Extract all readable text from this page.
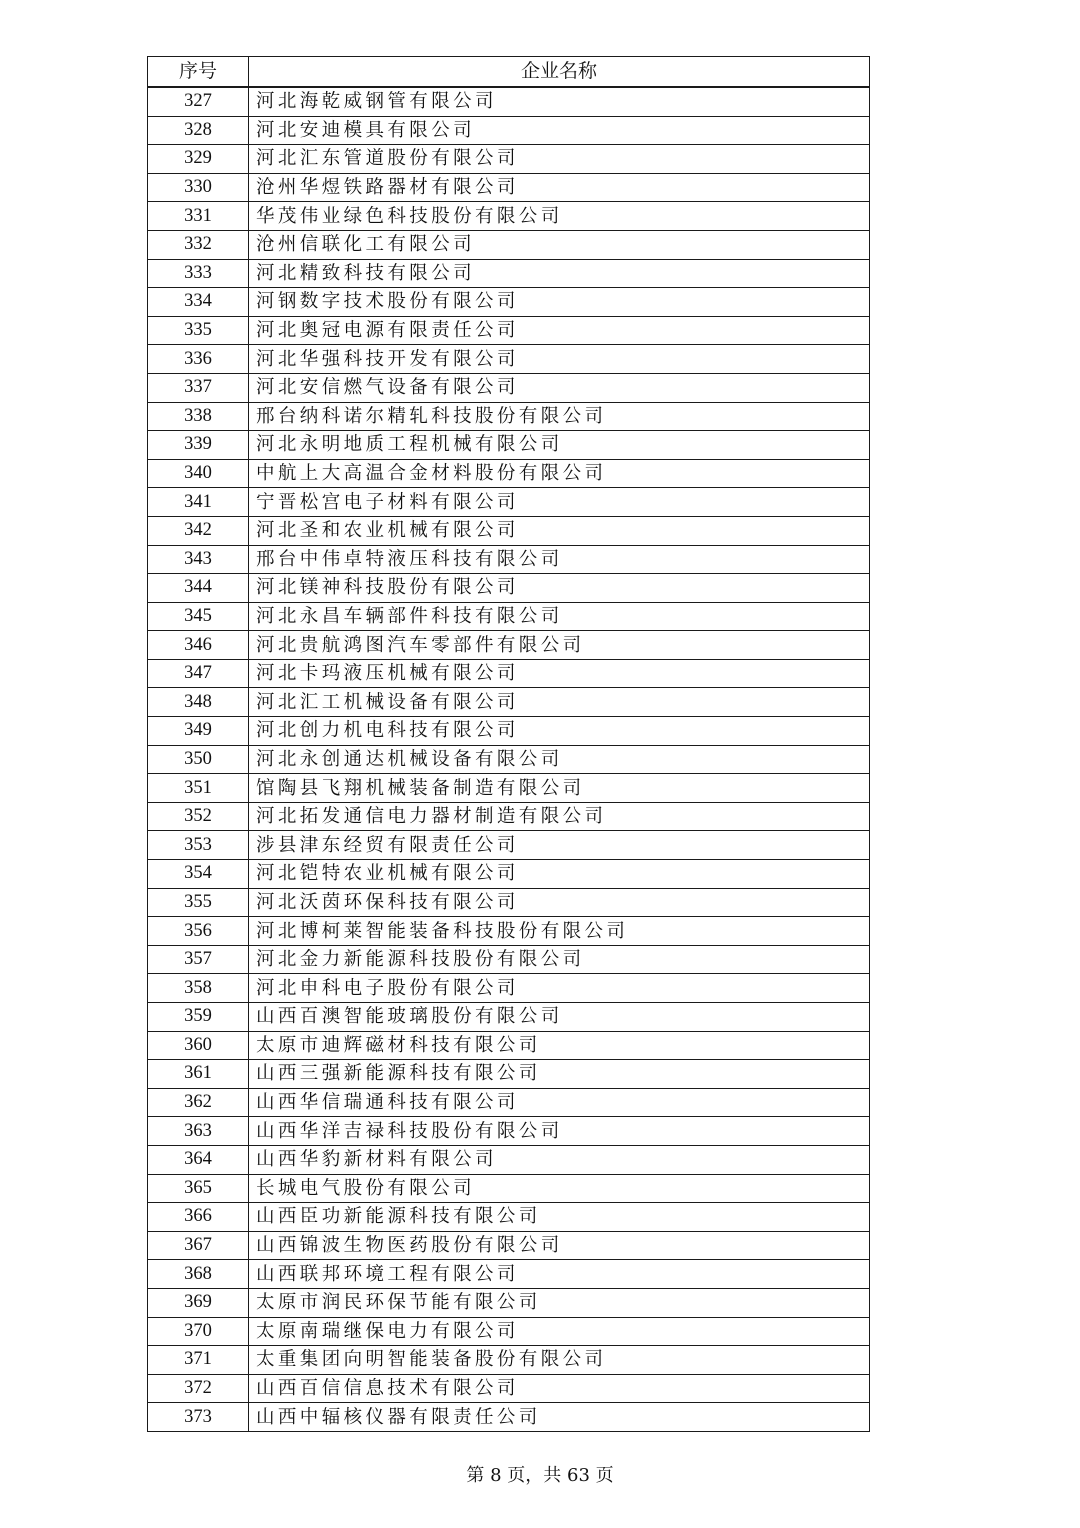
序号	企业名称
327	河北海乾威钢管有限公司
328	河北安迪模具有限公司
329	河北汇东管道股份有限公司
330	沧州华煜铁路器材有限公司
331	华茂伟业绿色科技股份有限公司
332	沧州信联化工有限公司
333	河北精致科技有限公司
334	河钢数字技术股份有限公司
335	河北奥冠电源有限责任公司
336	河北华强科技开发有限公司
337	河北安信燃气设备有限公司
338	邢台纳科诺尔精轧科技股份有限公司
339	河北永明地质工程机械有限公司
340	中航上大高温合金材料股份有限公司
341	宁晋松宫电子材料有限公司
342	河北圣和农业机械有限公司
343	邢台中伟卓特液压科技有限公司
344	河北镁神科技股份有限公司
345	河北永昌车辆部件科技有限公司
346	河北贵航鸿图汽车零部件有限公司
347	河北卡玛液压机械有限公司
348	河北汇工机械设备有限公司
349	河北创力机电科技有限公司
350	河北永创通达机械设备有限公司
351	馆陶县飞翔机械装备制造有限公司
352	河北拓发通信电力器材制造有限公司
353	涉县津东经贸有限责任公司
354	河北铠特农业机械有限公司
355	河北沃茵环保科技有限公司
356	河北博柯莱智能装备科技股份有限公司
357	河北金力新能源科技股份有限公司
358	河北申科电子股份有限公司
359	山西百澳智能玻璃股份有限公司
360	太原市迪辉磁材科技有限公司
361	山西三强新能源科技有限公司
362	山西华信瑞通科技有限公司
363	山西华洋吉禄科技股份有限公司
364	山西华豹新材料有限公司
365	长城电气股份有限公司
366	山西臣功新能源科技有限公司
367	山西锦波生物医药股份有限公司
368	山西联邦环境工程有限公司
369	太原市润民环保节能有限公司
370	太原南瑞继保电力有限公司
371	太重集团向明智能装备股份有限公司
372	山西百信信息技术有限公司
373	山西中辐核仪器有限责任公司
第 8 页，共 63 页
